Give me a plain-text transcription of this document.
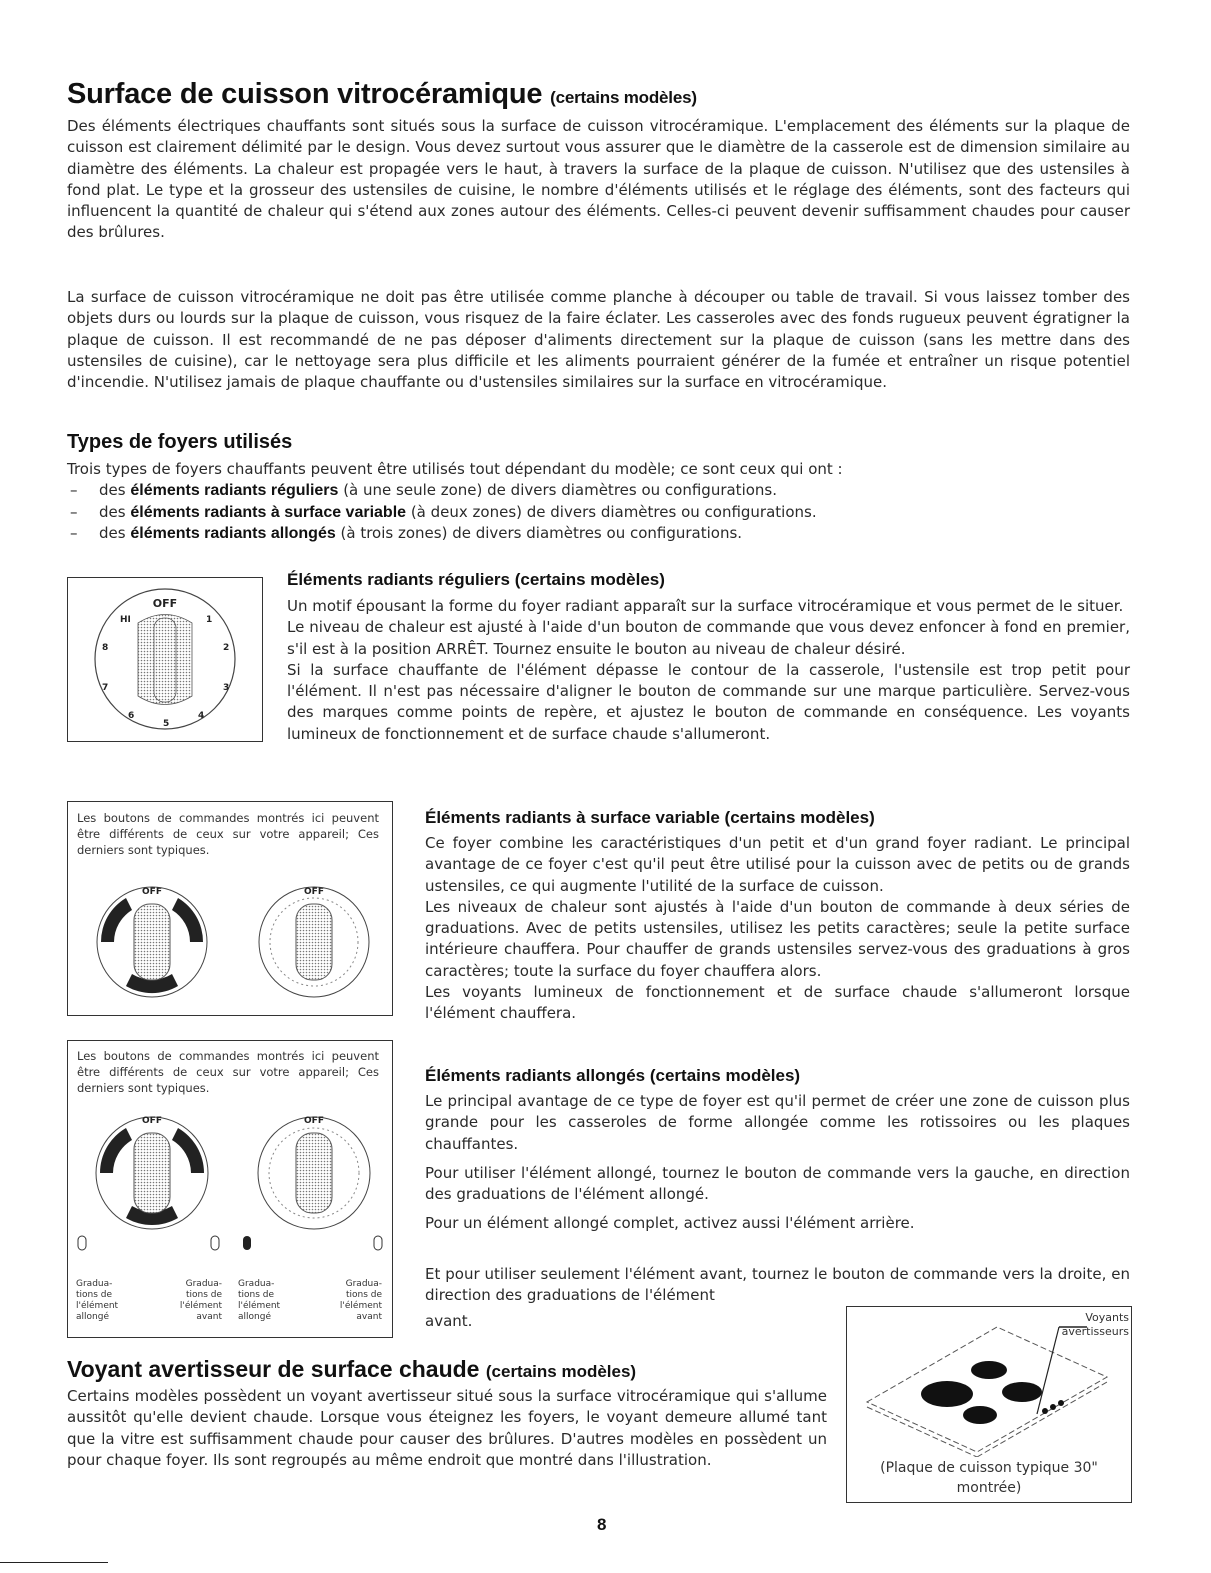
Surface de cuisson vitrocéramique (certains modèles)

Des éléments électriques chauffants sont situés sous la surface de cuisson vitrocéramique. L'emplacement des éléments sur la plaque de cuisson est clairement délimité par le design. Vous devez surtout vous assurer que le diamètre de la casserole est de dimension similaire au diamètre des éléments. La chaleur est propagée vers le haut, à travers la surface de la plaque de cuisson. N'utilisez que des ustensiles à fond plat. Le type et la grosseur des ustensiles de cuisine, le nombre d'éléments utilisés et le réglage des éléments, sont des facteurs qui influencent la quantité de chaleur qui s'étend aux zones autour des éléments. Celles-ci peuvent devenir suffisamment chaudes pour causer des brûlures.

La surface de cuisson vitrocéramique ne doit pas être utilisée comme planche à découper ou table de travail. Si vous laissez tomber des objets durs ou lourds sur la plaque de cuisson, vous risquez de la faire éclater. Les casseroles avec des fonds rugueux peuvent égratigner la plaque de cuisson. Il est recommandé de ne pas déposer d'aliments directement sur la plaque de cuisson (sans les mettre dans des ustensiles de cuisine), car le nettoyage sera plus difficile et les aliments pourraient générer de la fumée et entraîner un risque potentiel d'incendie. N'utilisez jamais de plaque chauffante ou d'ustensiles similaires sur la surface en vitrocéramique.

Types de foyers utilisés
Trois types de foyers chauffants peuvent être utilisés tout dépendant du modèle; ce sont ceux qui ont :
– des éléments radiants réguliers (à une seule zone) de divers diamètres ou configurations.
– des éléments radiants à surface variable (à deux zones) de divers diamètres ou configurations.
– des éléments radiants allongés (à trois zones) de divers diamètres ou configurations.
OFF
HI	1
8	2
7	3
6
5
4
Éléments radiants réguliers (certains modèles)

Un motif épousant la forme du foyer radiant apparaît sur la surface vitrocéramique et vous permet de le situer.

Le niveau de chaleur est ajusté à l'aide d'un bouton de commande que vous devez enfoncer à fond en premier, s'il est à la position ARRÊT. Tournez ensuite le bouton au niveau de chaleur désiré.

Si la surface chauffante de l'élément dépasse le contour de la casserole, l'ustensile est trop petit pour l'élément. Il n'est pas nécessaire d'aligner le bouton de commande sur une marque particulière. Servez-vous des marques comme points de repère, et ajustez le bouton de commande en conséquence. Les voyants lumineux de fonctionnement et de surface chaude s'allumeront.

Les boutons de commandes montrés ici peuvent être différents de ceux sur votre appareil; Ces derniers sont typiques.
OFF	OFF
Éléments radiants à surface variable (certains modèles)

Ce foyer combine les caractéristiques d'un petit et d'un grand foyer radiant. Le principal avantage de ce foyer c'est qu'il peut être utilisé pour la cuisson avec de petits ou de grands ustensiles, ce qui augmente l'utilité de la surface de cuisson.

Les niveaux de chaleur sont ajustés à l'aide d'un bouton de commande à deux séries de graduations. Avec de petits ustensiles, utilisez les petits caractères; seule la petite surface intérieure chauffera. Pour chauffer de grands ustensiles servez-vous des graduations à gros caractères; toute la surface du foyer chauffera alors.

Les voyants lumineux de fonctionnement et de surface chaude s'allumeront lorsque l'élément chauffera.

Les boutons de commandes montrés ici peuvent être différents de ceux sur votre appareil; Ces derniers sont typiques.
OFF	OFF
Gradua- tions de l'élément allongé
Gradua- tions de l'élément avant
Gradua- tions de l'élément allongé
Gradua- tions de l'élément avant
Éléments radiants allongés (certains modèles)

Le principal avantage de ce type de foyer est qu'il permet de créer une zone de cuisson plus grande pour les casseroles de forme allongée comme les rotissoires ou les plaques chauffantes.

Pour utiliser l'élément allongé, tournez le bouton de commande vers la gauche, en direction des graduations de l'élément allongé.

Pour un élément allongé complet, activez aussi l'élément arrière.

Et pour utiliser seulement l'élément avant, tournez le bouton de commande vers la droite, en direction des graduations de l'élément

avant.	Voyants avertisseurs
(Plaque de cuisson typique 30" montrée)
Voyant avertisseur de surface chaude (certains modèles)

Certains modèles possèdent un voyant avertisseur situé sous la surface vitrocéramique qui s'allume aussitôt qu'elle devient chaude. Lorsque vous éteignez les foyers, le voyant demeure allumé tant que la vitre est suffisamment chaude pour causer des brûlures. D'autres modèles en possèdent un pour chaque foyer. Ils sont regroupés au même endroit que montré dans l'illustration.

8
